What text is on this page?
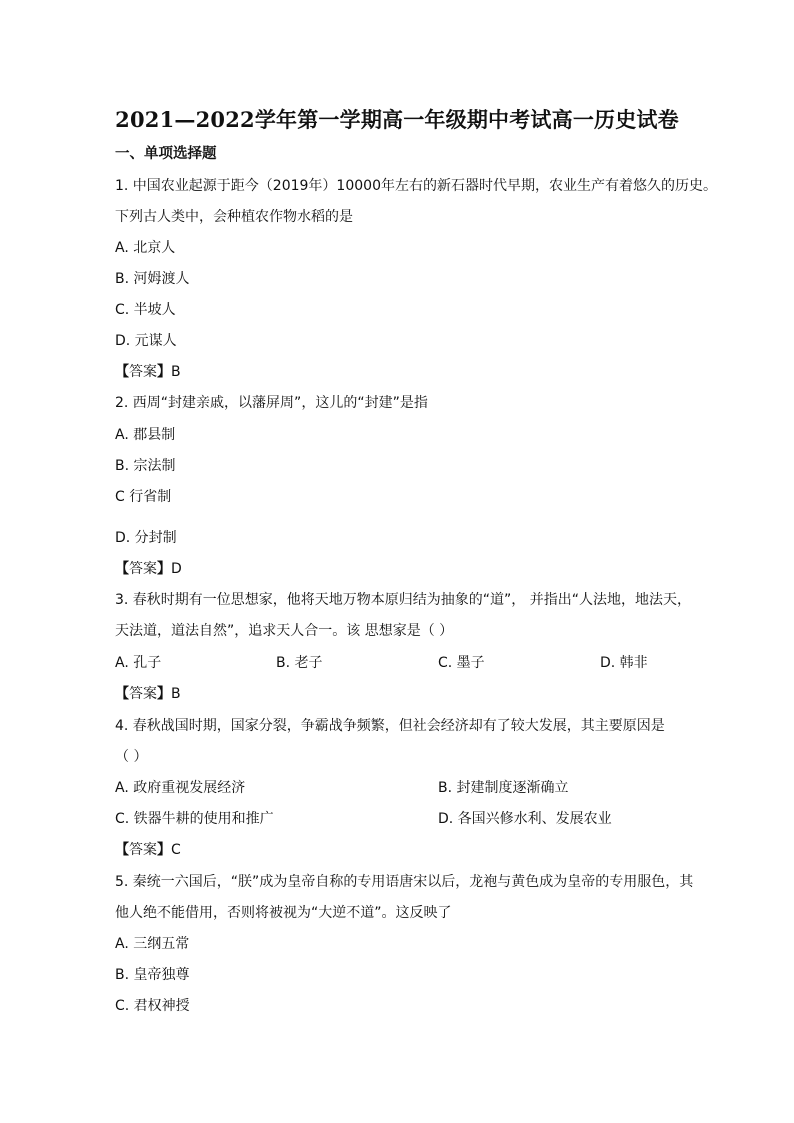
2021—2022学年第一学期高一年级期中考试高一历史试卷
一、单项选择题
1. 中国农业起源于距今（2019年）10000年左右的新石器时代早期，农业生产有着悠久的历史。
下列古人类中，会种植农作物水稻的是
A. 北京人
B. 河姆渡人
C. 半坡人
D. 元谋人
【答案】B
2. 西周“封建亲戚，以藩屏周”，这儿的“封建”是指
A. 郡县制
B. 宗法制
C 行省制
D. 分封制
【答案】D
3. 春秋时期有一位思想家，他将天地万物本原归结为抽象的“道”， 并指出“人法地，地法天，
天法道，道法自然”，追求天人合一。该 思想家是（ ）
A. 孔子	B. 老子	C. 墨子	D. 韩非
【答案】B
4. 春秋战国时期，国家分裂，争霸战争频繁，但社会经济却有了较大发展，其主要原因是
（ ）
A. 政府重视发展经济	B. 封建制度逐渐确立
C. 铁器牛耕的使用和推广	D. 各国兴修水利、发展农业
【答案】C
5. 秦统一六国后，“朕”成为皇帝自称的专用语唐宋以后，龙袍与黄色成为皇帝的专用服色，其
他人绝不能借用，否则将被视为“大逆不道”。这反映了
A. 三纲五常
B. 皇帝独尊
C. 君权神授
